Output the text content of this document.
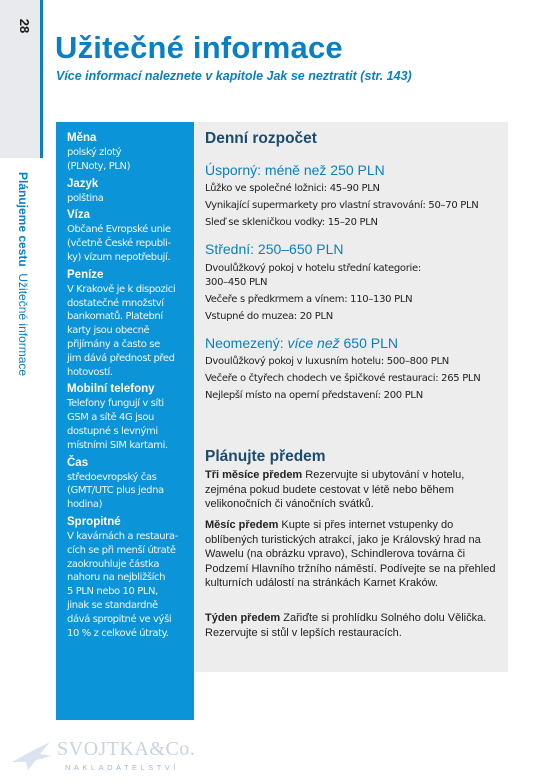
28
Plánujeme cestu  Užitečné informace
Užitečné informace
Více informací naleznete v kapitole Jak se neztratit (str. 143)
Měna
polský zlotý
(PLNoty, PLN)
Jazyk
polština
Víza
Občané Evropské unie
(včetně České republi-
ky) vízum nepotřebují.
Peníze
V Krakově je k dispozici
dostatečné množství
bankomatů. Platební
karty jsou obecně
přijímány a často se
jim dává přednost před
hotovostí.
Mobilní telefony
Telefony fungují v síti
GSM a sítě 4G jsou
dostupné s levnými
místními SIM kartami.
Čas
středoevropský čas
(GMT/UTC plus jedna
hodina)
Spropitné
V kavárnách a restaura-
cích se při menší útratě
zaokrouhluje částka
nahoru na nejbližších
5 PLN nebo 10 PLN,
jinak se standardně
dává spropitné ve výši
10 % z celkové útraty.
Denní rozpočet
Úsporný: méně než 250 PLN
Lůžko ve společné ložnici: 45–90 PLN
Vynikající supermarkety pro vlastní stravování: 50–70 PLN
Sleď se skleničkou vodky: 15–20 PLN
Střední: 250–650 PLN
Dvoulůžkový pokoj v hotelu střední kategorie:
300–450 PLN
Večeře s předkrmem a vínem: 110–130 PLN
Vstupné do muzea: 20 PLN
Neomezený: více než 650 PLN
Dvoulůžkový pokoj v luxusním hotelu: 500–800 PLN
Večeře o čtyřech chodech ve špičkové restauraci: 265 PLN
Nejlepší místo na operní představení: 200 PLN
Plánujte předem
Tři měsíce předem Rezervujte si ubytování v hotelu, zejména pokud budete cestovat v létě nebo během velikonočních či vánočních svátků.
Měsíc předem Kupte si přes internet vstupenky do oblíbených turistických atrakcí, jako je Královský hrad na Wawelu (na obrázku vpravo), Schindlerova továrna či Podzemí Hlavního tržního náměstí. Podívejte se na přehled kulturních událostí na stránkách Karnet Kraków.
Týden předem Zařiďte si prohlídku Solného dolu Vělička. Rezervujte si stůl v lepších restauracích.
SVOJTKA&Co.
NAKLADATELSTVÍ
